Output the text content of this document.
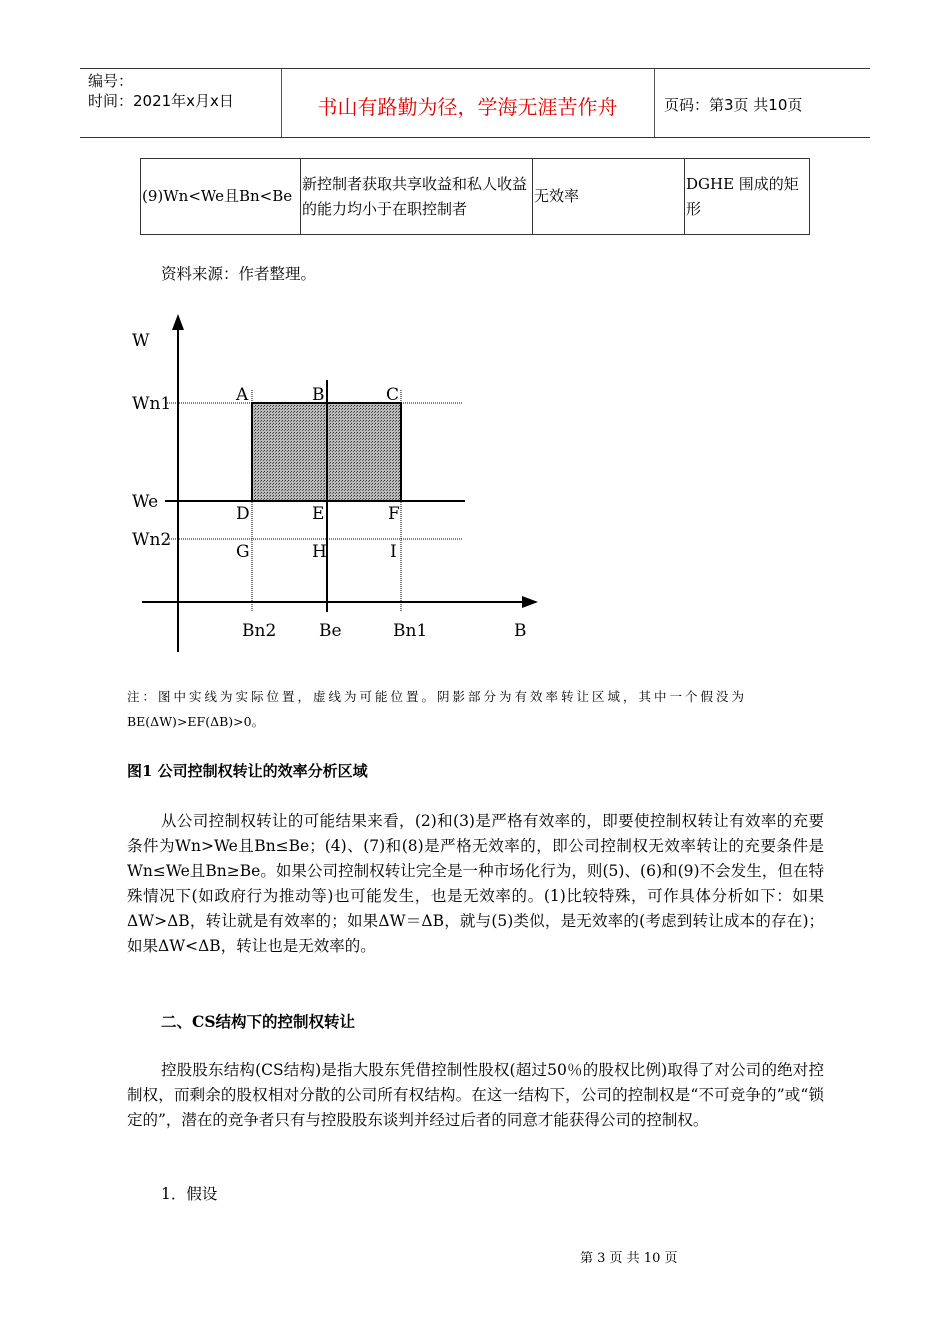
编号：
时间：2021年x月x日	书山有路勤为径，学海无涯苦作舟	页码：第3页 共10页
(9)Wn<We且Bn<Be	新控制者获取共享收益和私人收益的能力均小于在职控制者	无效率	DGHE 围成的矩形
资料来源：作者整理。
W
B
Wn1
We
Wn2
Bn2	Be	Bn1
A	B	C
D	E	F
G	H	I
注：图中实线为实际位置，虚线为可能位置。阴影部分为有效率转让区域，其中一个假没为
BE(ΔW)>EF(ΔB)>0。
图1 公司控制权转让的效率分析区域
从公司控制权转让的可能结果来看，(2)和(3)是严格有效率的，即要使控制权转让有效率的充要条件为Wn>We且Bn≤Be；(4)、(7)和(8)是严格无效率的，即公司控制权无效率转让的充要条件是Wn≤We且Bn≥Be。如果公司控制权转让完全是一种市场化行为，则(5)、(6)和(9)不会发生，但在特殊情况下(如政府行为推动等)也可能发生，也是无效率的。(1)比较特殊，可作具体分析如下：如果ΔW>ΔB，转让就是有效率的；如果ΔW＝ΔB，就与(5)类似，是无效率的(考虑到转让成本的存在)；如果ΔW<ΔB，转让也是无效率的。
二、CS结构下的控制权转让
控股股东结构(CS结构)是指大股东凭借控制性股权(超过50％的股权比例)取得了对公司的绝对控制权，而剩余的股权相对分散的公司所有权结构。在这一结构下，公司的控制权是“不可竞争的”或“锁定的”，潜在的竞争者只有与控股股东谈判并经过后者的同意才能获得公司的控制权。
1．假设
第 3 页 共 10 页
